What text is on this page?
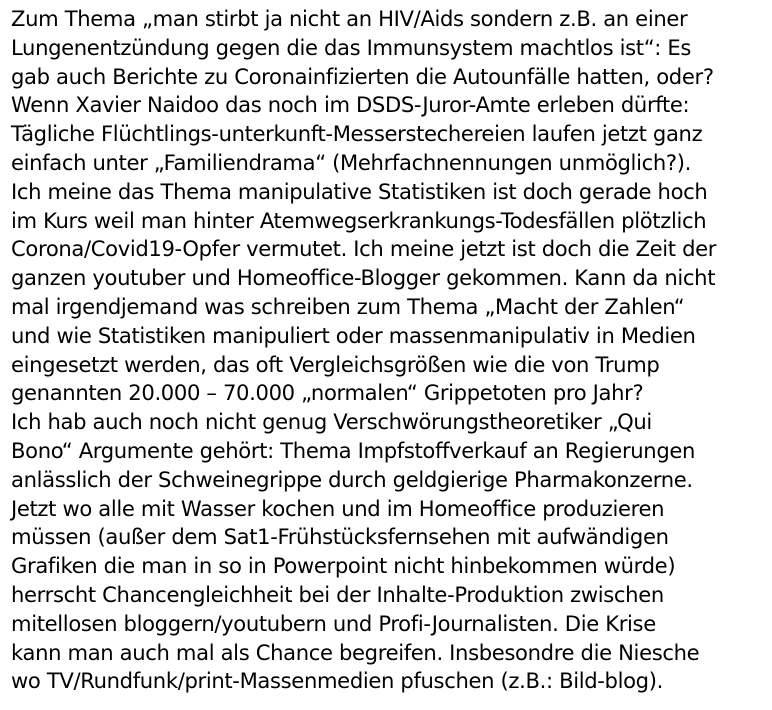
Zum Thema „man stirbt ja nicht an HIV/Aids sondern z.B. an einer
Lungenentzündung gegen die das Immunsystem machtlos ist“: Es
gab auch Berichte zu Coronainfizierten die Autounfälle hatten, oder?
Wenn Xavier Naidoo das noch im DSDS-Juror-Amte erleben dürfte:
Tägliche Flüchtlings-unterkunft-Messerstechereien laufen jetzt ganz
einfach unter „Familiendrama“ (Mehrfachnennungen unmöglich?).
Ich meine das Thema manipulative Statistiken ist doch gerade hoch
im Kurs weil man hinter Atemwegserkrankungs-Todesfällen plötzlich
Corona/Covid19-Opfer vermutet. Ich meine jetzt ist doch die Zeit der
ganzen youtuber und Homeoffice-Blogger gekommen. Kann da nicht
mal irgendjemand was schreiben zum Thema „Macht der Zahlen“
und wie Statistiken manipuliert oder massenmanipulativ in Medien
eingesetzt werden, das oft Vergleichsgrößen wie die von Trump
genannten 20.000 – 70.000 „normalen“ Grippetoten pro Jahr?
Ich hab auch noch nicht genug Verschwörungstheoretiker „Qui
Bono“ Argumente gehört: Thema Impfstoffverkauf an Regierungen
anlässlich der Schweinegrippe durch geldgierige Pharmakonzerne.
Jetzt wo alle mit Wasser kochen und im Homeoffice produzieren
müssen (außer dem Sat1-Frühstücksfernsehen mit aufwändigen
Grafiken die man in so in Powerpoint nicht hinbekommen würde)
herrscht Chancengleichheit bei der Inhalte-Produktion zwischen
mitellosen bloggern/youtubern und Profi-Journalisten. Die Krise
kann man auch mal als Chance begreifen. Insbesondre die Niesche
wo TV/Rundfunk/print-Massenmedien pfuschen (z.B.: Bild-blog).
